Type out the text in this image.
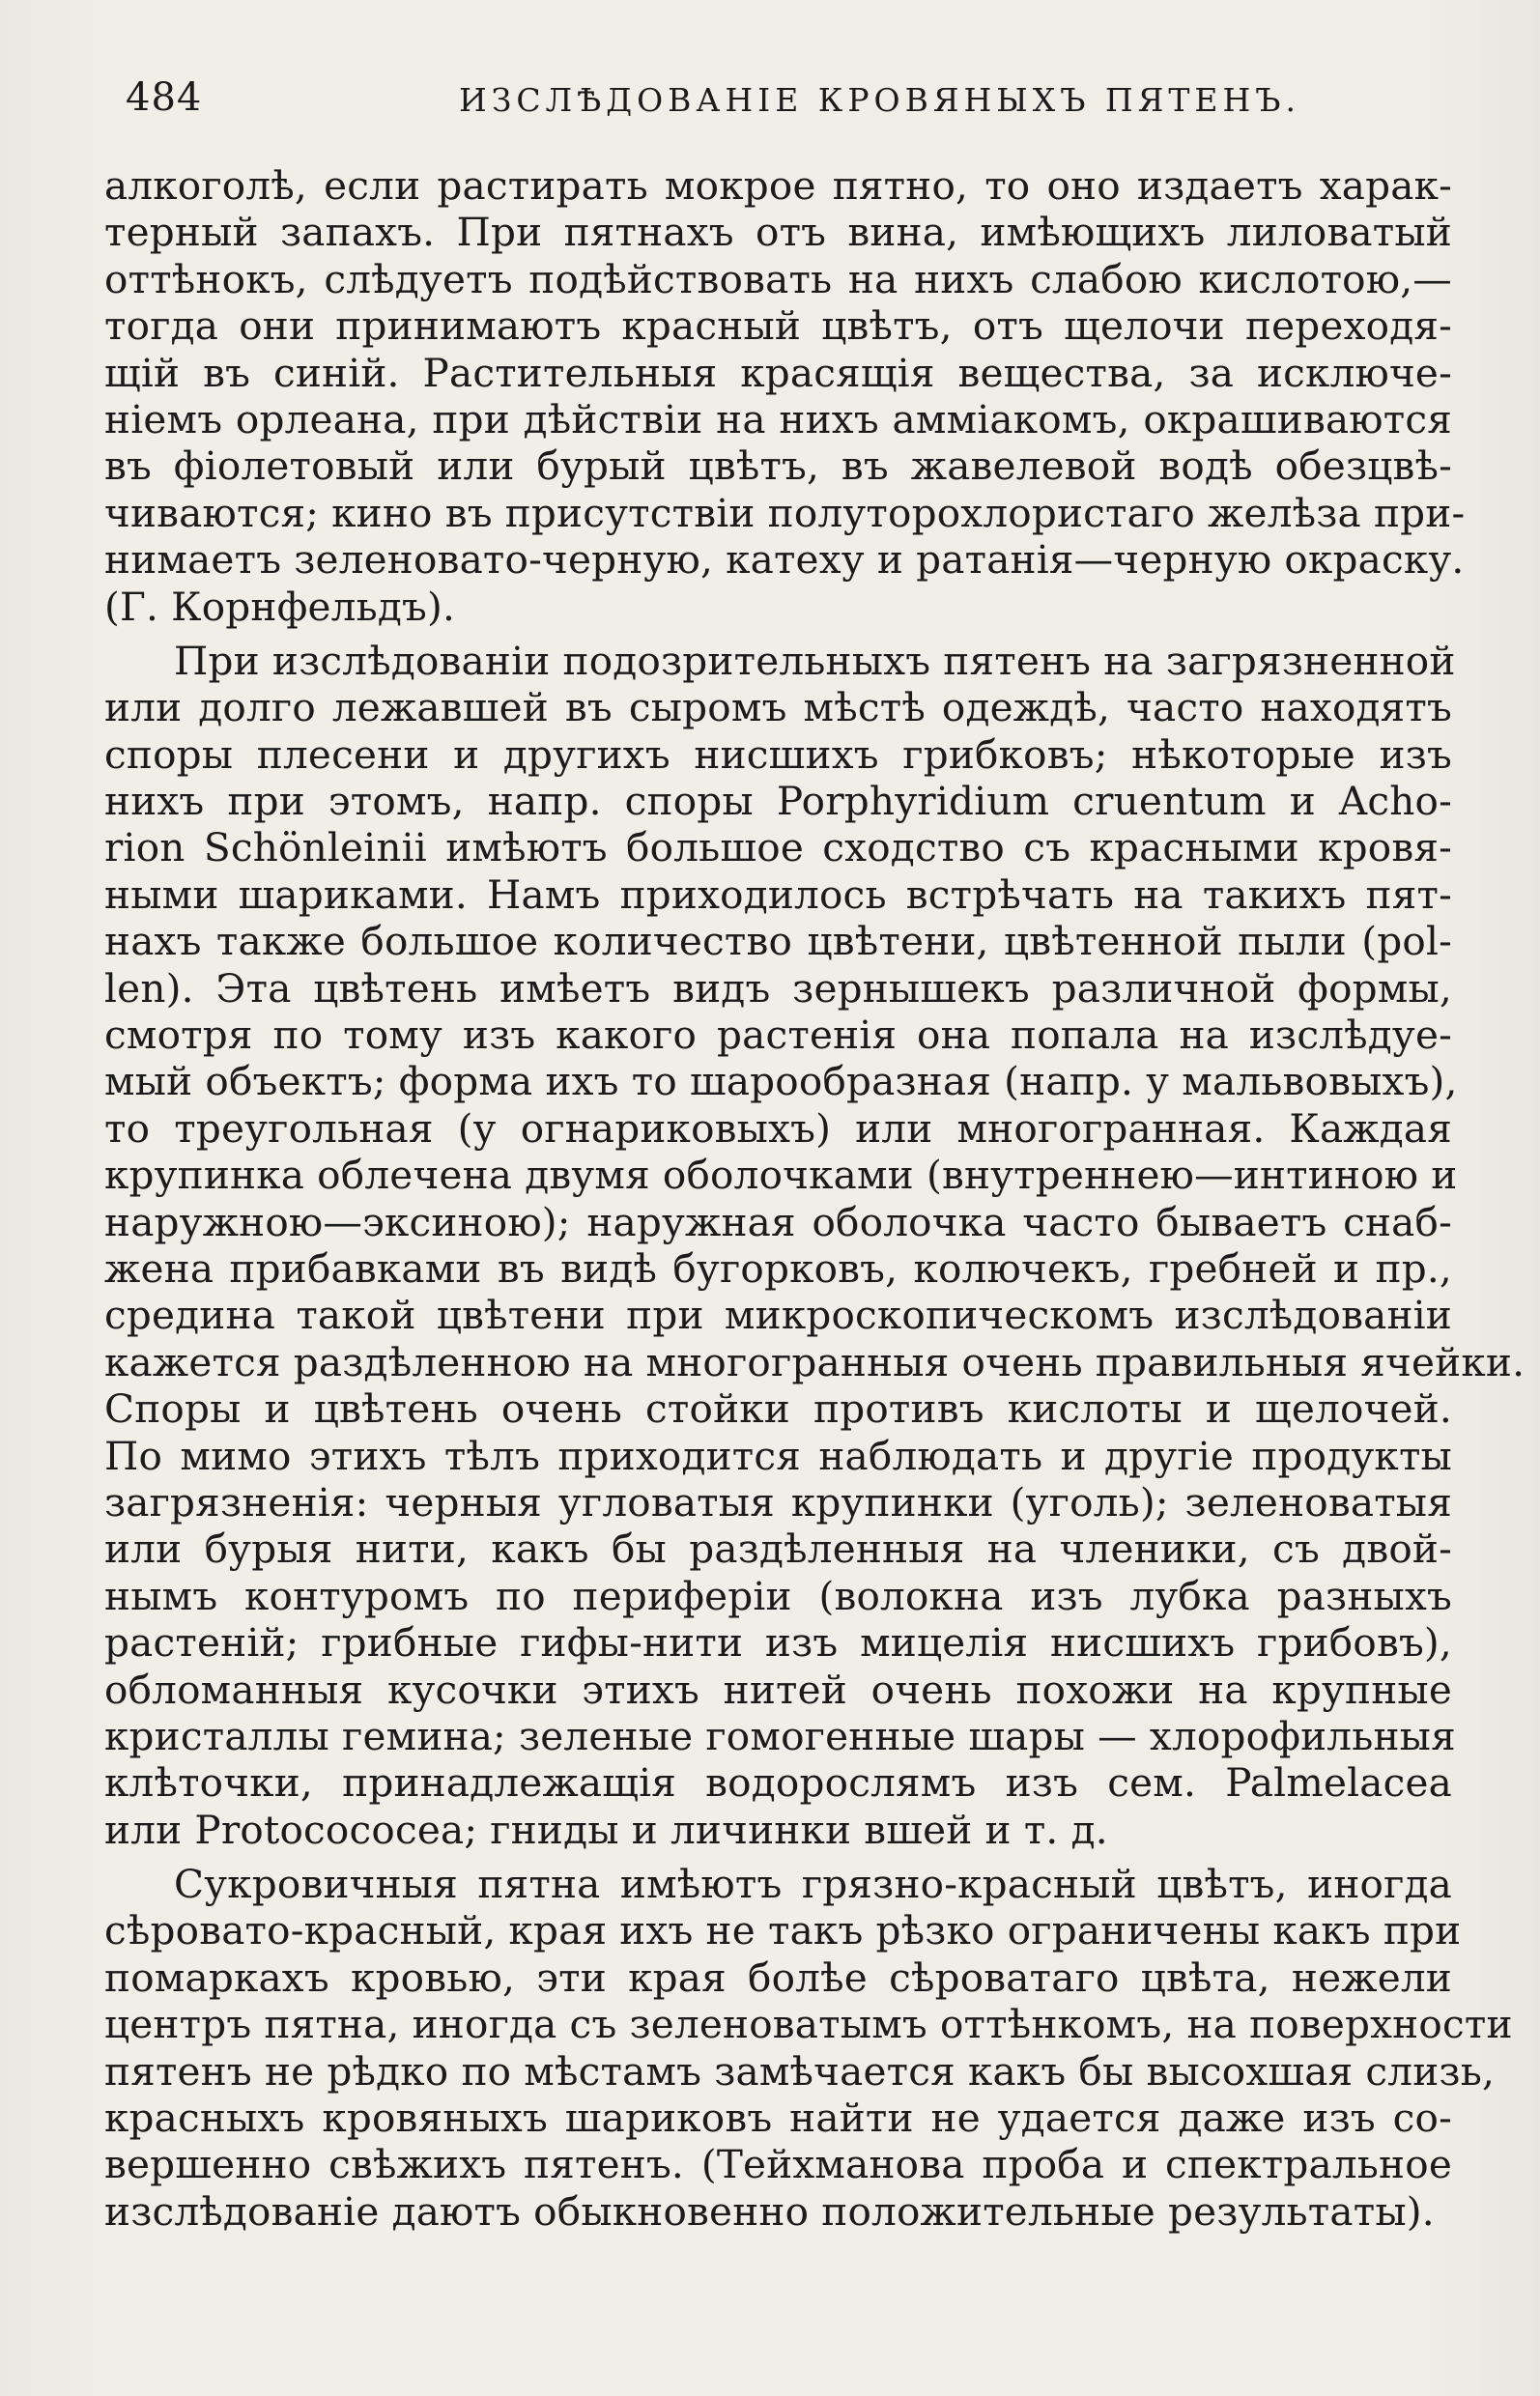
484	ИЗСЛѢДОВАНІЕ КРОВЯНЫХЪ ПЯТЕНЪ.
алкоголѣ, если растирать мокрое пятно, то оно издаетъ харак-
терный запахъ. При пятнахъ отъ вина, имѣющихъ лиловатый
оттѣнокъ, слѣдуетъ подѣйствовать на нихъ слабою кислотою,—
тогда они принимаютъ красный цвѣтъ, отъ щелочи переходя-
щій въ синій. Растительныя красящія вещества, за исключе-
ніемъ орлеана, при дѣйствіи на нихъ амміакомъ, окрашиваются
въ фіолетовый или бурый цвѣтъ, въ жавелевой водѣ обезцвѣ-
чиваются; кино въ присутствіи полуторохлористаго желѣза при-
нимаетъ зеленовато-черную, катеху и ратанія—черную окраску.
(Г. Корнфельдъ).
При изслѣдованіи подозрительныхъ пятенъ на загрязненной
или долго лежавшей въ сыромъ мѣстѣ одеждѣ, часто находятъ
споры плесени и другихъ нисшихъ грибковъ; нѣкоторые изъ
нихъ при этомъ, напр. споры Porphyridium cruentum и Acho-
rion Schönleinii имѣютъ большое сходство съ красными кровя-
ными шариками. Намъ приходилось встрѣчать на такихъ пят-
нахъ также большое количество цвѣтени, цвѣтенной пыли (pol-
len). Эта цвѣтень имѣетъ видъ зернышекъ различной формы,
смотря по тому изъ какого растенія она попала на изслѣдуе-
мый объектъ; форма ихъ то шарообразная (напр. у мальвовыхъ),
то треугольная (у огнариковыхъ) или многогранная. Каждая
крупинка облечена двумя оболочками (внутреннею—интиною и
наружною—эксиною); наружная оболочка часто бываетъ снаб-
жена прибавками въ видѣ бугорковъ, колючекъ, гребней и пр.,
средина такой цвѣтени при микроскопическомъ изслѣдованіи
кажется раздѣленною на многогранныя очень правильныя ячейки.
Споры и цвѣтень очень стойки противъ кислоты и щелочей.
По мимо этихъ тѣлъ приходится наблюдать и другіе продукты
загрязненія: черныя угловатыя крупинки (уголь); зеленоватыя
или бурыя нити, какъ бы раздѣленныя на членики, съ двой-
нымъ контуромъ по периферіи (волокна изъ лубка разныхъ
растеній; грибные гифы-нити изъ мицелія нисшихъ грибовъ),
обломанныя кусочки этихъ нитей очень похожи на крупные
кристаллы гемина; зеленые гомогенные шары — хлорофильныя
клѣточки, принадлежащія водорослямъ изъ сем. Palmelacea
или Protocococea; гниды и личинки вшей и т. д.
Сукровичныя пятна имѣютъ грязно-красный цвѣтъ, иногда
сѣровато-красный, края ихъ не такъ рѣзко ограничены какъ при
помаркахъ кровью, эти края болѣе сѣроватаго цвѣта, нежели
центръ пятна, иногда съ зеленоватымъ оттѣнкомъ, на поверхности
пятенъ не рѣдко по мѣстамъ замѣчается какъ бы высохшая слизь,
красныхъ кровяныхъ шариковъ найти не удается даже изъ со-
вершенно свѣжихъ пятенъ. (Тейхманова проба и спектральное
изслѣдованіе даютъ обыкновенно положительные результаты).
